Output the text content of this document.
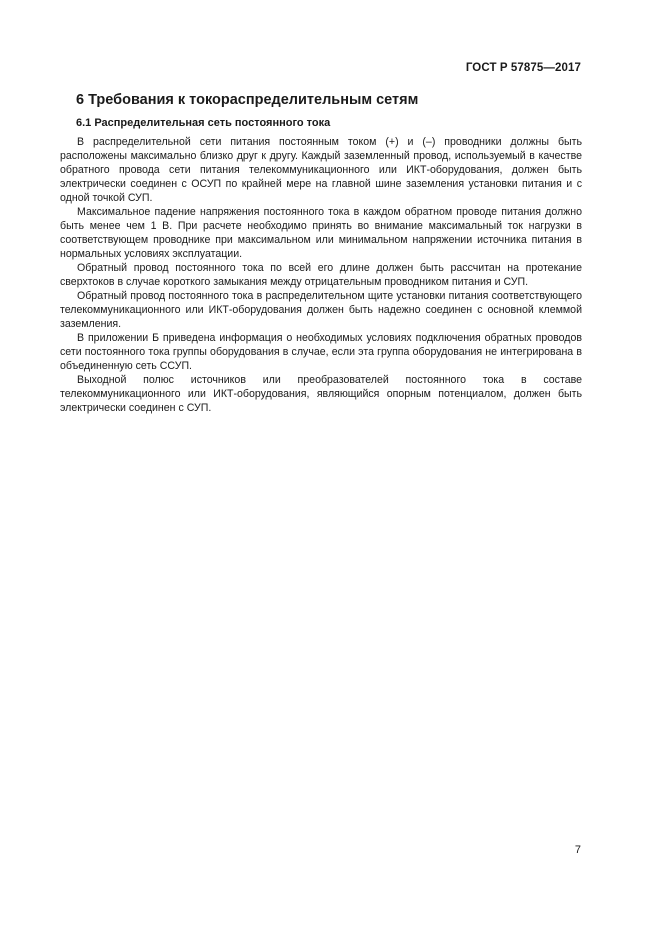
ГОСТ Р 57875—2017
6 Требования к токораспределительным сетям
6.1 Распределительная сеть постоянного тока

В распределительной сети питания постоянным током (+) и (–) проводники должны быть расположены максимально близко друг к другу. Каждый заземленный провод, используемый в качестве обратного провода сети питания телекоммуникационного или ИКТ-оборудования, должен быть электрически соединен с ОСУП по крайней мере на главной шине заземления установки питания и с одной точкой СУП.

Максимальное падение напряжения постоянного тока в каждом обратном проводе питания должно быть менее чем 1 В. При расчете необходимо принять во внимание максимальный ток нагрузки в соответствующем проводнике при максимальном или минимальном напряжении источника питания в нормальных условиях эксплуатации.

Обратный провод постоянного тока по всей его длине должен быть рассчитан на протекание сверхтоков в случае короткого замыкания между отрицательным проводником питания и СУП.

Обратный провод постоянного тока в распределительном щите установки питания соответствующего телекоммуникационного или ИКТ-оборудования должен быть надежно соединен с основной клеммой заземления.

В приложении Б приведена информация о необходимых условиях подключения обратных проводов сети постоянного тока группы оборудования в случае, если эта группа оборудования не интегрирована в объединенную сеть ССУП.

Выходной полюс источников или преобразователей постоянного тока в составе телекоммуникационного или ИКТ-оборудования, являющийся опорным потенциалом, должен быть электрически соединен с СУП.

7
